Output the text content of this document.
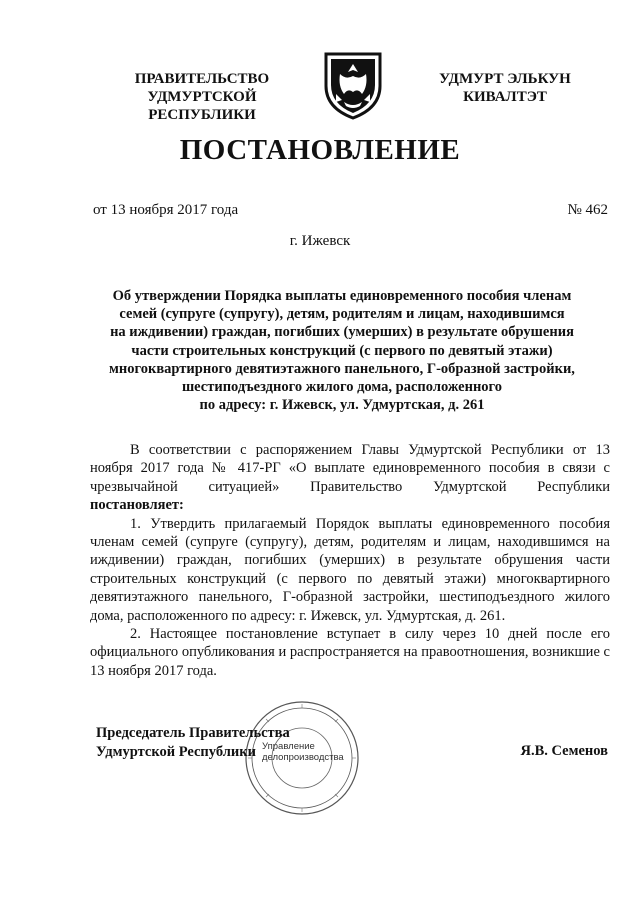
ПРАВИТЕЛЬСТВО
УДМУРТСКОЙ РЕСПУБЛИКИ
УДМУРТ ЭЛЬКУН
КИВАЛТЭТ
ПОСТАНОВЛЕНИЕ
от 13 ноября 2017 года	№ 462
г. Ижевск
Об утверждении Порядка выплаты единовременного пособия членам
семей (супруге (супругу), детям, родителям и лицам, находившимся
на иждивении) граждан, погибших (умерших) в результате обрушения
части строительных конструкций (с первого по девятый этажи)
многоквартирного девятиэтажного панельного, Г-образной застройки,
шестиподъездного жилого дома, расположенного
по адресу: г. Ижевск, ул. Удмуртская, д. 261

В соответствии с распоряжением Главы Удмуртской Республики от 13 ноября 2017 года № 417-РГ «О выплате единовременного пособия в связи с чрезвычайной ситуацией» Правительство Удмуртской Республики

постановляет:

1. Утвердить прилагаемый Порядок выплаты единовременного пособия членам семей (супруге (супругу), детям, родителям и лицам, находившимся на иждивении) граждан, погибших (умерших) в результате обрушения части строительных конструкций (с первого по девятый этажи) многоквартирного девятиэтажного панельного, Г-образной застройки, шестиподъездного жилого дома, расположенного по адресу: г. Ижевск, ул. Удмуртская, д. 261.

2. Настоящее постановление вступает в силу через 10 дней после его официального опубликования и распространяется на правоотношения, возникшие с 13 ноября 2017 года.

Управление
делопроизводства
Председатель Правительства
Удмуртской Республики	Я.В. Семенов
